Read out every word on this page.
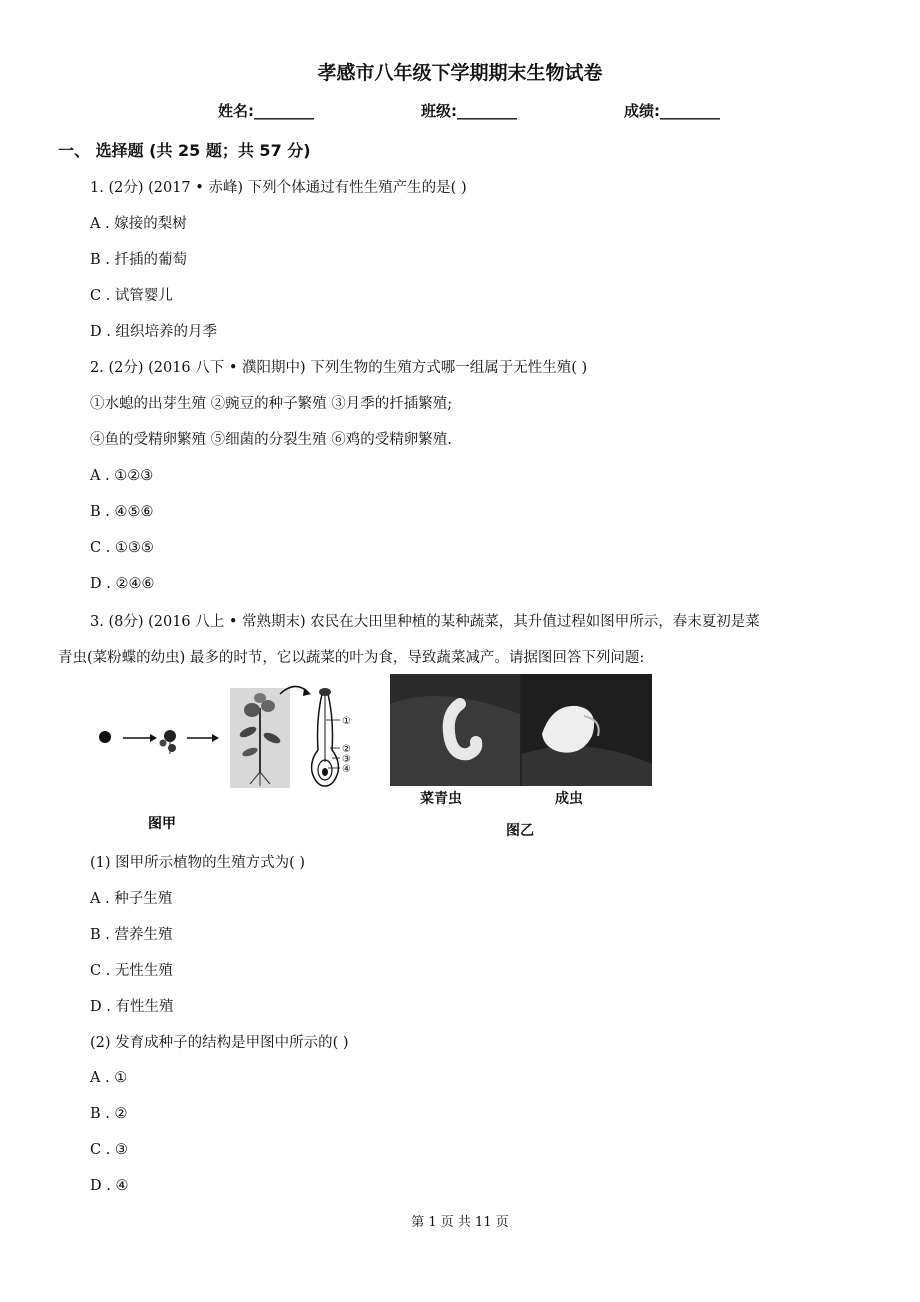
孝感市八年级下学期期末生物试卷
姓名:________	班级:________	成绩:________
一、 选择题 (共 25 题；共 57 分)
1. (2分) (2017 • 赤峰) 下列个体通过有性生殖产生的是( )
A . 嫁接的梨树
B . 扦插的葡萄
C . 试管婴儿
D . 组织培养的月季
2. (2分) (2016 八下 • 濮阳期中) 下列生物的生殖方式哪一组属于无性生殖( )
①水螅的出芽生殖 ②豌豆的种子繁殖 ③月季的扦插繁殖;
④鱼的受精卵繁殖 ⑤细菌的分裂生殖 ⑥鸡的受精卵繁殖.
A . ①②③
B . ④⑤⑥
C . ①③⑤
D . ②④⑥
3. (8分) (2016 八上 • 常熟期末) 农民在大田里种植的某种蔬菜，其升值过程如图甲所示，春末夏初是菜
青虫(菜粉蝶的幼虫) 最多的时节，它以蔬菜的叶为食，导致蔬菜减产。请据图回答下列问题:
①
②
③
④
图甲
菜青虫	成虫
图乙
(1) 图甲所示植物的生殖方式为( )
A . 种子生殖
B . 营养生殖
C . 无性生殖
D . 有性生殖
(2) 发育成种子的结构是甲图中所示的( )
A . ①
B . ②
C . ③
D . ④
第 1 页 共 11 页
